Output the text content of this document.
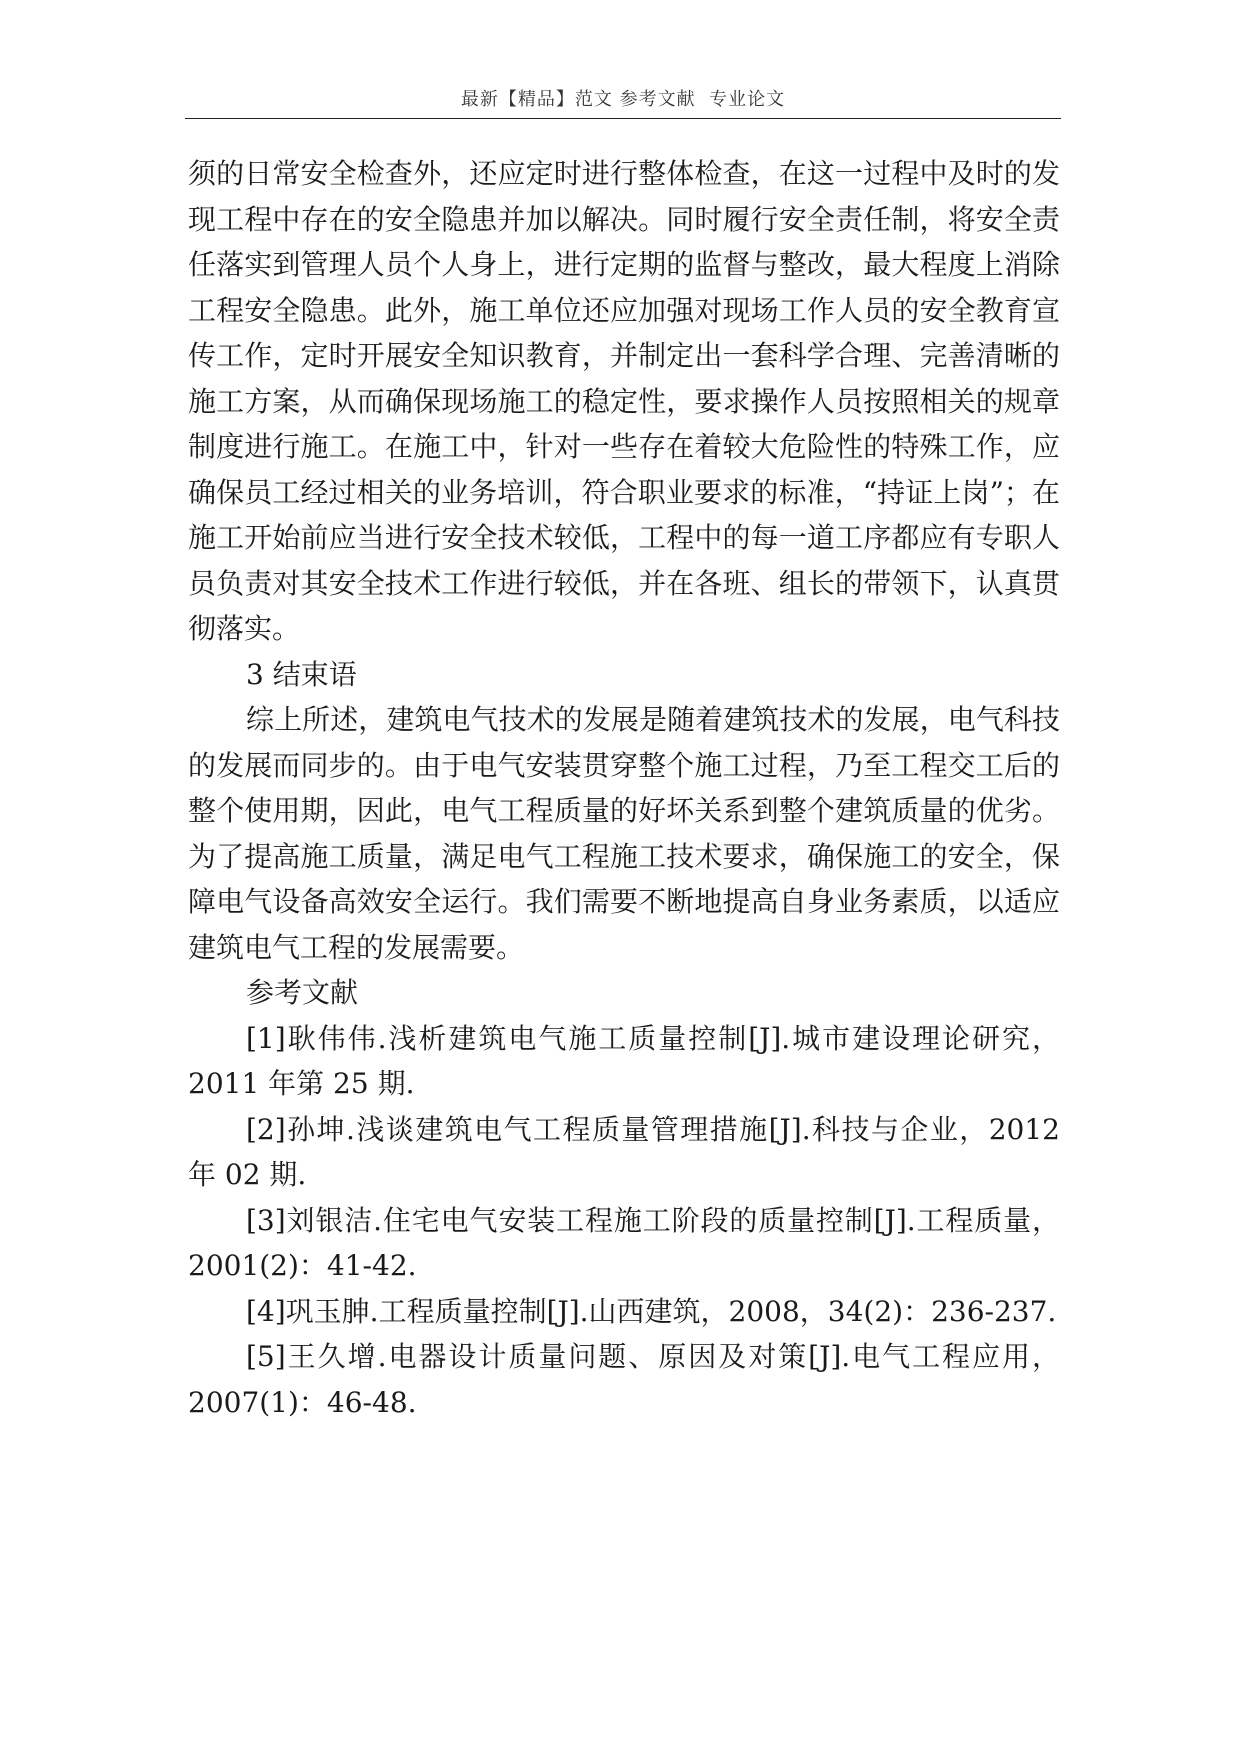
最新【精品】范文 参考文献  专业论文

须的日常安全检查外，还应定时进行整体检查，在这一过程中及时的发现工程中存在的安全隐患并加以解决。同时履行安全责任制，将安全责任落实到管理人员个人身上，进行定期的监督与整改，最大程度上消除工程安全隐患。此外，施工单位还应加强对现场工作人员的安全教育宣传工作，定时开展安全知识教育，并制定出一套科学合理、完善清晰的施工方案，从而确保现场施工的稳定性，要求操作人员按照相关的规章制度进行施工。在施工中，针对一些存在着较大危险性的特殊工作，应确保员工经过相关的业务培训，符合职业要求的标准，“持证上岗”；在施工开始前应当进行安全技术较低，工程中的每一道工序都应有专职人员负责对其安全技术工作进行较低，并在各班、组长的带领下，认真贯彻落实。

3 结束语

综上所述，建筑电气技术的发展是随着建筑技术的发展，电气科技的发展而同步的。由于电气安装贯穿整个施工过程，乃至工程交工后的整个使用期，因此，电气工程质量的好坏关系到整个建筑质量的优劣。为了提高施工质量，满足电气工程施工技术要求，确保施工的安全，保障电气设备高效安全运行。我们需要不断地提高自身业务素质，以适应建筑电气工程的发展需要。

参考文献

[1]耿伟伟.浅析建筑电气施工质量控制[J].城市建设理论研究，2011 年第 25 期.

[2]孙坤.浅谈建筑电气工程质量管理措施[J].科技与企业，2012 年 02 期.

[3]刘银洁.住宅电气安装工程施工阶段的质量控制[J].工程质量，2001(2)：41-42.

[4]巩玉胂.工程质量控制[J].山西建筑，2008，34(2)：236-237.

[5]王久增.电器设计质量问题、原因及对策[J].电气工程应用，2007(1)：46-48.
